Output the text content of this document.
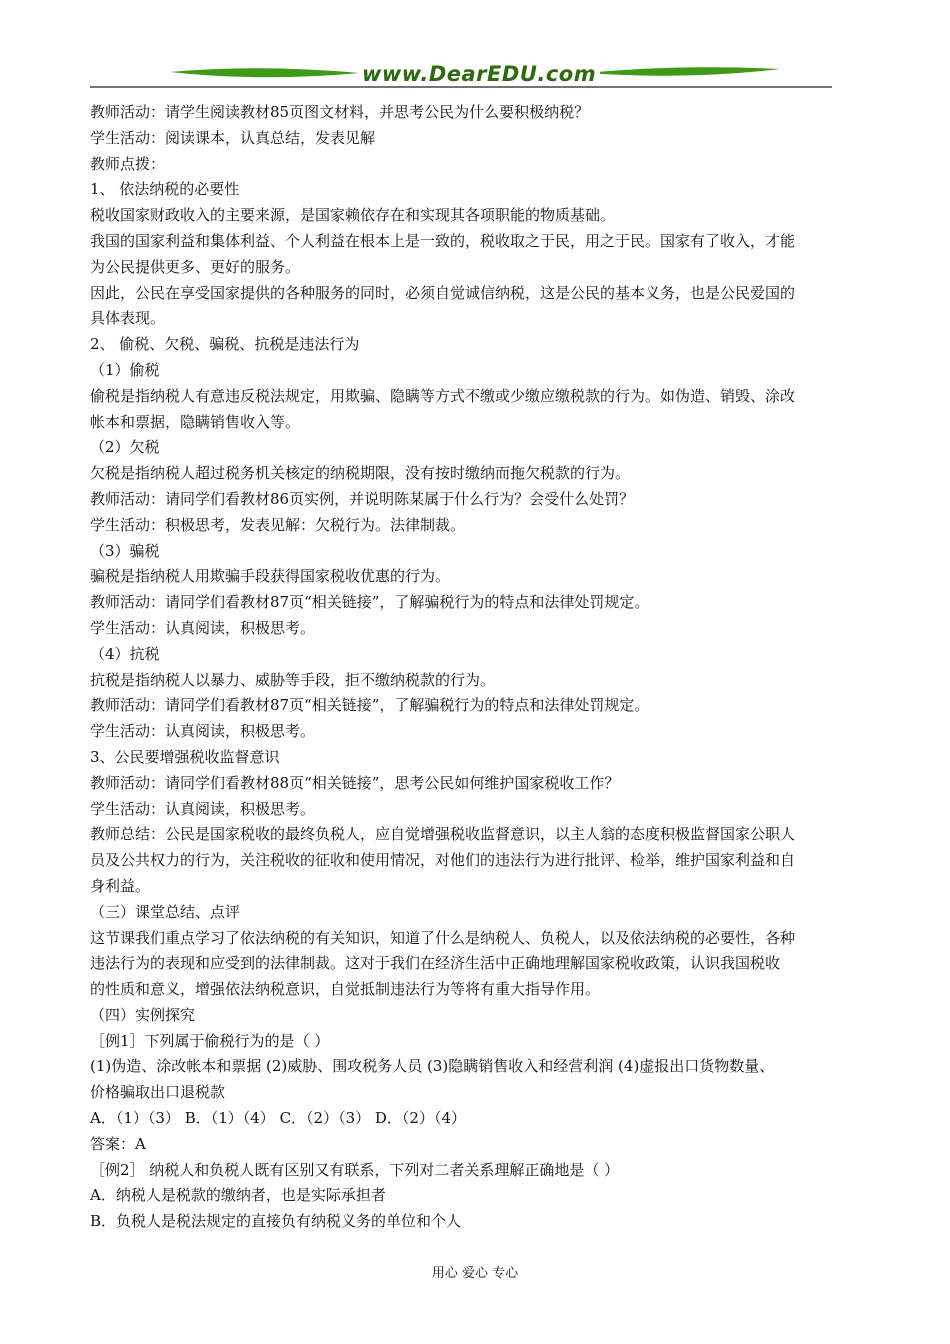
www.DearEDU.com

教师活动：请学生阅读教材85页图文材料，并思考公民为什么要积极纳税？

学生活动：阅读课本，认真总结，发表见解

教师点拨：

1、 依法纳税的必要性

税收国家财政收入的主要来源，是国家赖依存在和实现其各项职能的物质基础。

我国的国家利益和集体利益、个人利益在根本上是一致的，税收取之于民，用之于民。国家有了收入，才能

为公民提供更多、更好的服务。

因此，公民在享受国家提供的各种服务的同时，必须自觉诚信纳税，这是公民的基本义务，也是公民爱国的

具体表现。

2、 偷税、欠税、骗税、抗税是违法行为

（1）偷税

偷税是指纳税人有意违反税法规定，用欺骗、隐瞒等方式不缴或少缴应缴税款的行为。如伪造、销毁、涂改

帐本和票据，隐瞒销售收入等。

（2）欠税

欠税是指纳税人超过税务机关核定的纳税期限，没有按时缴纳而拖欠税款的行为。

教师活动：请同学们看教材86页实例，并说明陈某属于什么行为？会受什么处罚？

学生活动：积极思考，发表见解：欠税行为。法律制裁。

（3）骗税

骗税是指纳税人用欺骗手段获得国家税收优惠的行为。

教师活动：请同学们看教材87页“相关链接”，了解骗税行为的特点和法律处罚规定。

学生活动：认真阅读，积极思考。

（4）抗税

抗税是指纳税人以暴力、威胁等手段，拒不缴纳税款的行为。

教师活动：请同学们看教材87页“相关链接”，了解骗税行为的特点和法律处罚规定。

学生活动：认真阅读，积极思考。

3、公民要增强税收监督意识

教师活动：请同学们看教材88页“相关链接”，思考公民如何维护国家税收工作？

学生活动：认真阅读，积极思考。

教师总结：公民是国家税收的最终负税人，应自觉增强税收监督意识，以主人翁的态度积极监督国家公职人

员及公共权力的行为，关注税收的征收和使用情况，对他们的违法行为进行批评、检举，维护国家利益和自

身利益。

（三）课堂总结、点评

这节课我们重点学习了依法纳税的有关知识，知道了什么是纳税人、负税人，以及依法纳税的必要性，各种

违法行为的表现和应受到的法律制裁。这对于我们在经济生活中正确地理解国家税收政策，认识我国税收

的性质和意义，增强依法纳税意识，自觉抵制违法行为等将有重大指导作用。

（四）实例探究

［例1］下列属于偷税行为的是（ ）

(1)伪造、涂改帐本和票据 (2)威胁、围攻税务人员 (3)隐瞒销售收入和经营利润 (4)虚报出口货物数量、

价格骗取出口退税款

A．（1）（3） B．（1）（4） C．（2）（3） D．（2）（4）

答案：A

［例2］ 纳税人和负税人既有区别又有联系，下列对二者关系理解正确地是（ ）

A．纳税人是税款的缴纳者，也是实际承担者

B．负税人是税法规定的直接负有纳税义务的单位和个人

用心 爱心 专心
